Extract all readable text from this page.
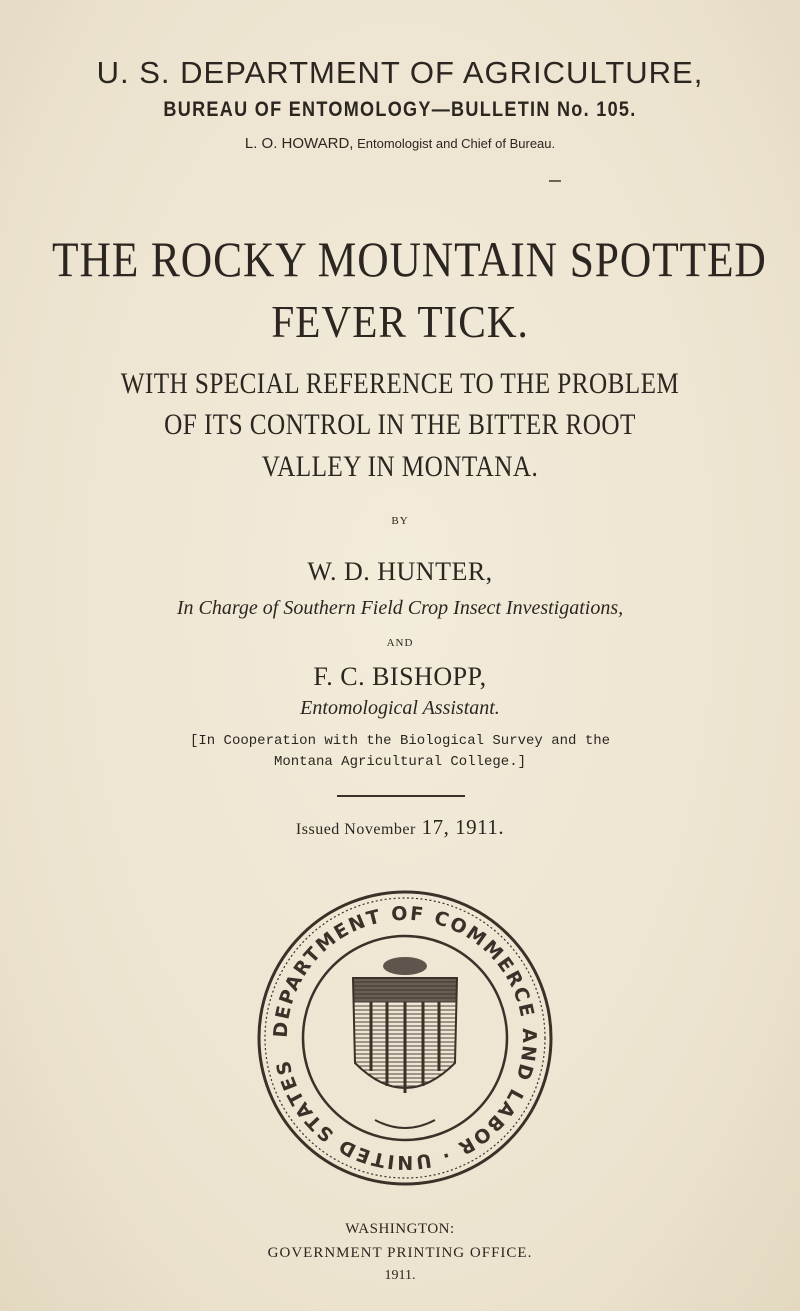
U. S. DEPARTMENT OF AGRICULTURE,
BUREAU OF ENTOMOLOGY—BULLETIN No. 105.
L. O. HOWARD, Entomologist and Chief of Bureau.
THE ROCKY MOUNTAIN SPOTTED
FEVER TICK.
WITH SPECIAL REFERENCE TO THE PROBLEM
OF ITS CONTROL IN THE BITTER ROOT
VALLEY IN MONTANA.
BY
W. D. HUNTER,
In Charge of Southern Field Crop Insect Investigations,
AND
F. C. BISHOPP,
Entomological Assistant.
[In Cooperation with the Biological Survey and the
Montana Agricultural College.]
Issued November 17, 1911.
DEPARTMENT OF COMMERCE AND LABOR · UNITED STATES
WASHINGTON:
GOVERNMENT PRINTING OFFICE.
1911.
